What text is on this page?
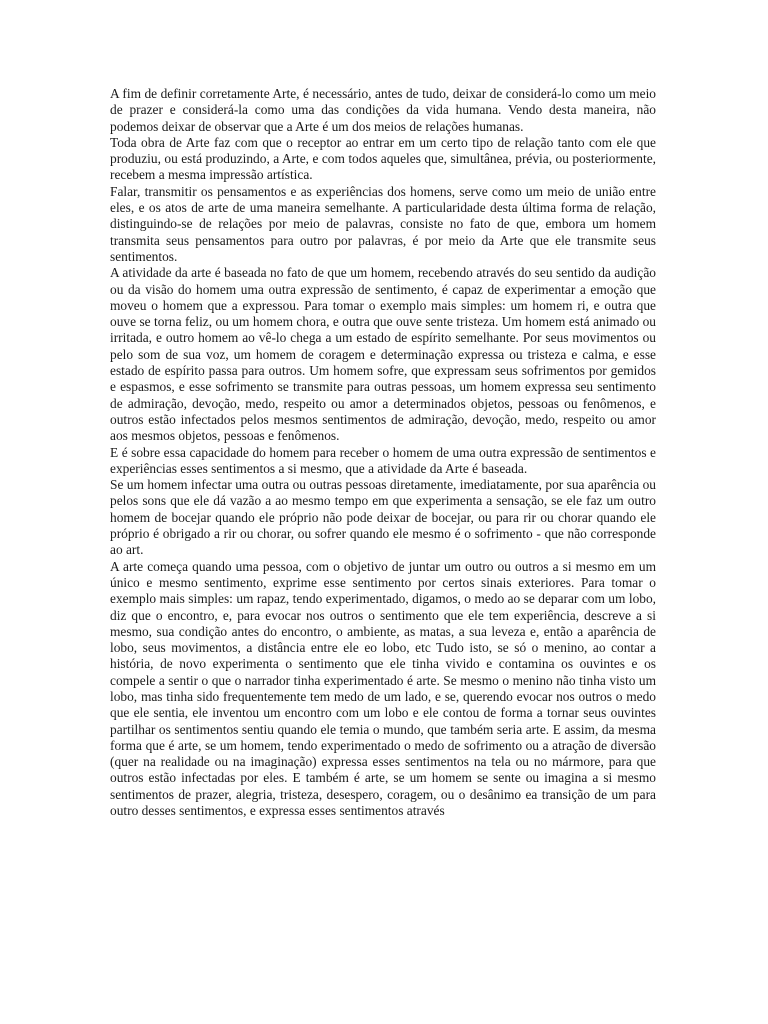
A fim de definir corretamente Arte, é necessário, antes de tudo, deixar de considerá-lo como um meio de prazer e considerá-la como uma das condições da vida humana. Vendo desta maneira, não podemos deixar de observar que a Arte é um dos meios de relações humanas.

Toda obra de Arte faz com que o receptor ao entrar em um certo tipo de relação tanto com ele que produziu, ou está produzindo, a Arte, e com todos aqueles que, simultânea, prévia, ou posteriormente, recebem a mesma impressão artística.

Falar, transmitir os pensamentos e as experiências dos homens, serve como um meio de união entre eles, e os atos de arte de uma maneira semelhante. A particularidade desta última forma de relação, distinguindo-se de relações por meio de palavras, consiste no fato de que, embora um homem transmita seus pensamentos para outro por palavras, é por meio da Arte que ele transmite seus sentimentos.

A atividade da arte é baseada no fato de que um homem, recebendo através do seu sentido da audição ou da visão do homem uma outra expressão de sentimento, é capaz de experimentar a emoção que moveu o homem que a expressou. Para tomar o exemplo mais simples: um homem ri, e outra que ouve se torna feliz, ou um homem chora, e outra que ouve sente tristeza. Um homem está animado ou irritada, e outro homem ao vê-lo chega a um estado de espírito semelhante. Por seus movimentos ou pelo som de sua voz, um homem de coragem e determinação expressa ou tristeza e calma, e esse estado de espírito passa para outros. Um homem sofre, que expressam seus sofrimentos por gemidos e espasmos, e esse sofrimento se transmite para outras pessoas, um homem expressa seu sentimento de admiração, devoção, medo, respeito ou amor a determinados objetos, pessoas ou fenômenos, e outros estão infectados pelos mesmos sentimentos de admiração, devoção, medo, respeito ou amor aos mesmos objetos, pessoas e fenômenos.

E é sobre essa capacidade do homem para receber o homem de uma outra expressão de sentimentos e experiências esses sentimentos a si mesmo, que a atividade da Arte é baseada.

Se um homem infectar uma outra ou outras pessoas diretamente, imediatamente, por sua aparência ou pelos sons que ele dá vazão a ao mesmo tempo em que experimenta a sensação, se ele faz um outro homem de bocejar quando ele próprio não pode deixar de bocejar, ou para rir ou chorar quando ele próprio é obrigado a rir ou chorar, ou sofrer quando ele mesmo é o sofrimento - que não corresponde ao art.

A arte começa quando uma pessoa, com o objetivo de juntar um outro ou outros a si mesmo em um único e mesmo sentimento, exprime esse sentimento por certos sinais exteriores. Para tomar o exemplo mais simples: um rapaz, tendo experimentado, digamos, o medo ao se deparar com um lobo, diz que o encontro, e, para evocar nos outros o sentimento que ele tem experiência, descreve a si mesmo, sua condição antes do encontro, o ambiente, as matas, a sua leveza e, então a aparência de lobo, seus movimentos, a distância entre ele eo lobo, etc Tudo isto, se só o menino, ao contar a história, de novo experimenta o sentimento que ele tinha vivido e contamina os ouvintes e os compele a sentir o que o narrador tinha experimentado é arte. Se mesmo o menino não tinha visto um lobo, mas tinha sido frequentemente tem medo de um lado, e se, querendo evocar nos outros o medo que ele sentia, ele inventou um encontro com um lobo e ele contou de forma a tornar seus ouvintes partilhar os sentimentos sentiu quando ele temia o mundo, que também seria arte. E assim, da mesma forma que é arte, se um homem, tendo experimentado o medo de sofrimento ou a atração de diversão (quer na realidade ou na imaginação) expressa esses sentimentos na tela ou no mármore, para que outros estão infectadas por eles. E também é arte, se um homem se sente ou imagina a si mesmo sentimentos de prazer, alegria, tristeza, desespero, coragem, ou o desânimo ea transição de um para outro desses sentimentos, e expressa esses sentimentos através
